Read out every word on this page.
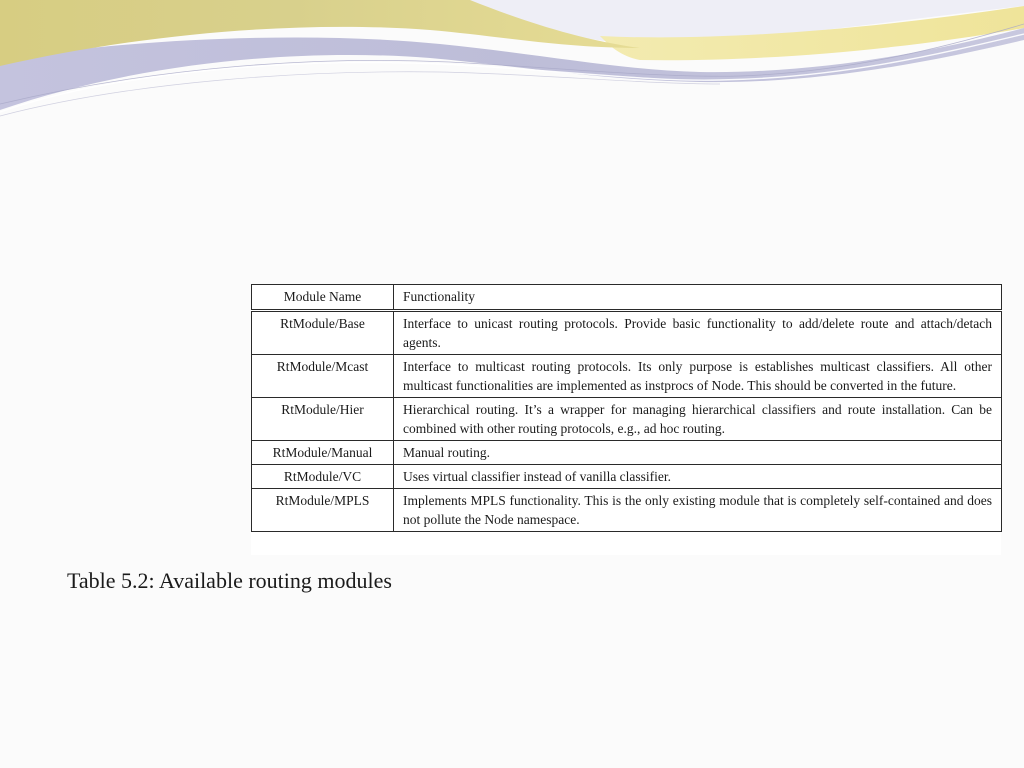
Module Name	Functionality

RtModule/Base	Interface to unicast routing protocols. Provide basic functionality to add/delete route and attach/detach agents.
RtModule/Mcast	Interface to multicast routing protocols. Its only purpose is establishes multicast classifiers. All other multicast functionalities are implemented as instprocs of Node. This should be converted in the future.
RtModule/Hier	Hierarchical routing. It’s a wrapper for managing hierarchical classifiers and route installation. Can be combined with other routing protocols, e.g., ad hoc routing.
RtModule/Manual	Manual routing.
RtModule/VC	Uses virtual classifier instead of vanilla classifier.
RtModule/MPLS	Implements MPLS functionality. This is the only existing module that is completely self-contained and does not pollute the Node namespace.
Table 5.2: Available routing modules
